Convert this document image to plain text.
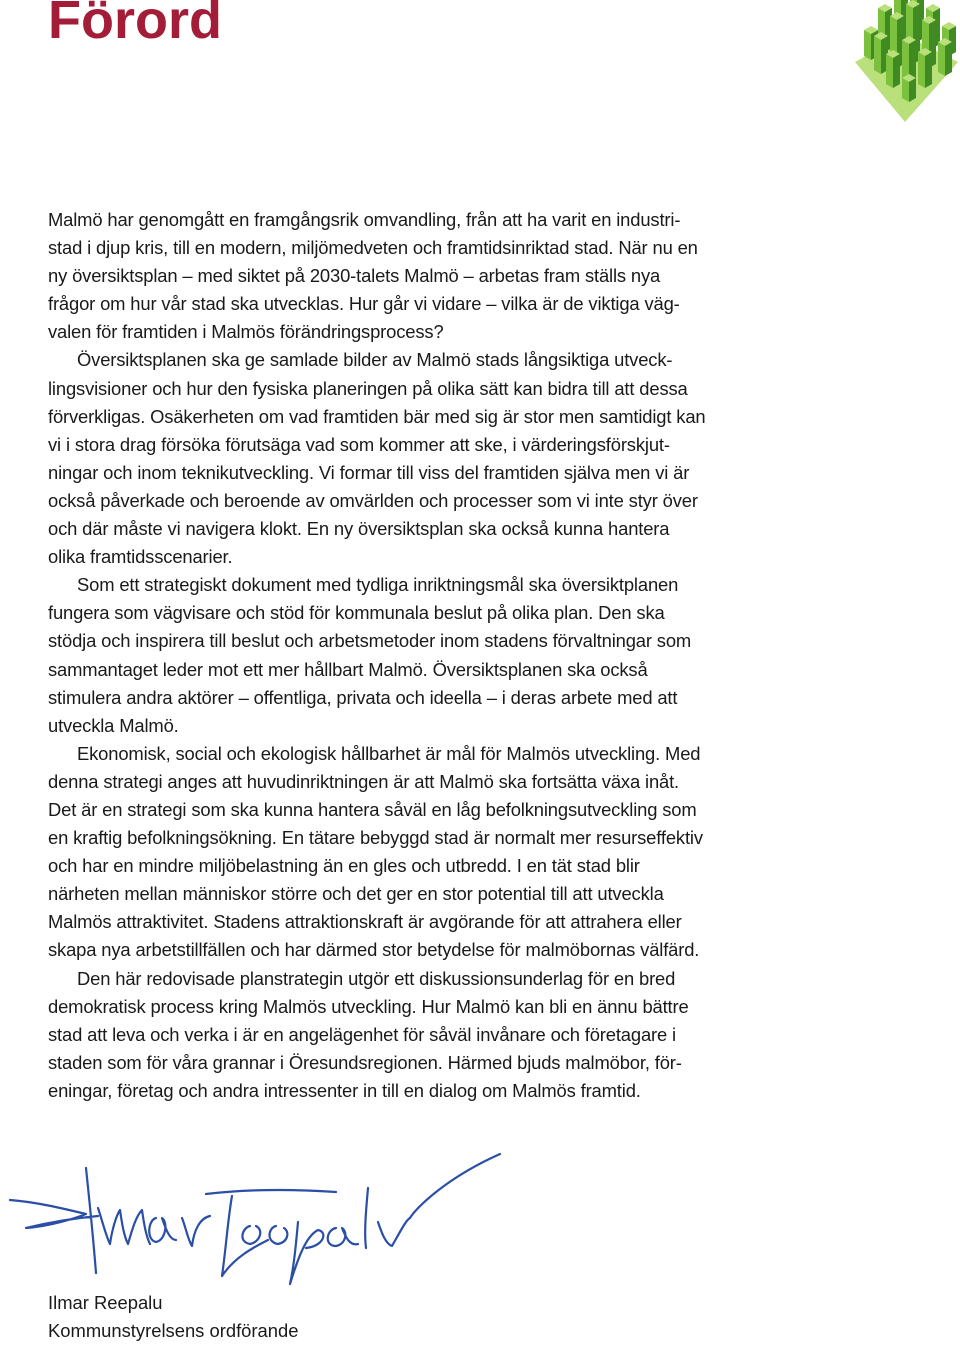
Förord

Malmö har genomgått en framgångsrik omvandling, från att ha varit en industristad i djup kris, till en modern, miljömedveten och framtidsinriktad stad. När nu en ny översiktsplan – med siktet på 2030-talets Malmö – arbetas fram ställs nya frågor om hur vår stad ska utvecklas. Hur går vi vidare – vilka är de viktiga vägvalen för framtiden i Malmös förändringsprocess?

Översiktsplanen ska ge samlade bilder av Malmö stads långsiktiga utvecklingsvisioner och hur den fysiska planeringen på olika sätt kan bidra till att dessa förverkligas. Osäkerheten om vad framtiden bär med sig är stor men samtidigt kan vi i stora drag försöka förutsäga vad som kommer att ske, i värderingsförskjutningar och inom teknikutveckling. Vi formar till viss del framtiden själva men vi är också påverkade och beroende av omvärlden och processer som vi inte styr över och där måste vi navigera klokt. En ny översiktsplan ska också kunna hantera olika framtidsscenarier.

Som ett strategiskt dokument med tydliga inriktningsmål ska översiktplanen fungera som vägvisare och stöd för kommunala beslut på olika plan. Den ska stödja och inspirera till beslut och arbetsmetoder inom stadens förvaltningar som sammantaget leder mot ett mer hållbart Malmö. Översiktsplanen ska också stimulera andra aktörer – offentliga, privata och ideella – i deras arbete med att utveckla Malmö.

Ekonomisk, social och ekologisk hållbarhet är mål för Malmös utveckling. Med denna strategi anges att huvudinriktningen är att Malmö ska fortsätta växa inåt. Det är en strategi som ska kunna hantera såväl en låg befolkningsutveckling som en kraftig befolkningsökning. En tätare bebyggd stad är normalt mer resurseffektiv och har en mindre miljöbelastning än en gles och utbredd. I en tät stad blir närheten mellan människor större och det ger en stor potential till att utveckla Malmös attraktivitet. Stadens attraktionskraft är avgörande för att attrahera eller skapa nya arbetstillfällen och har därmed stor betydelse för malmöbornas välfärd.

Den här redovisade planstrategin utgör ett diskussionsunderlag för en bred demokratisk process kring Malmös utveckling. Hur Malmö kan bli en ännu bättre stad att leva och verka i är en angelägenhet för såväl invånare och företagare i staden som för våra grannar i Öresundsregionen. Härmed bjuds malmöbor, föreningar, företag och andra intressenter in till en dialog om Malmös framtid.

Ilmar Reepalu
Kommunstyrelsens ordförande
